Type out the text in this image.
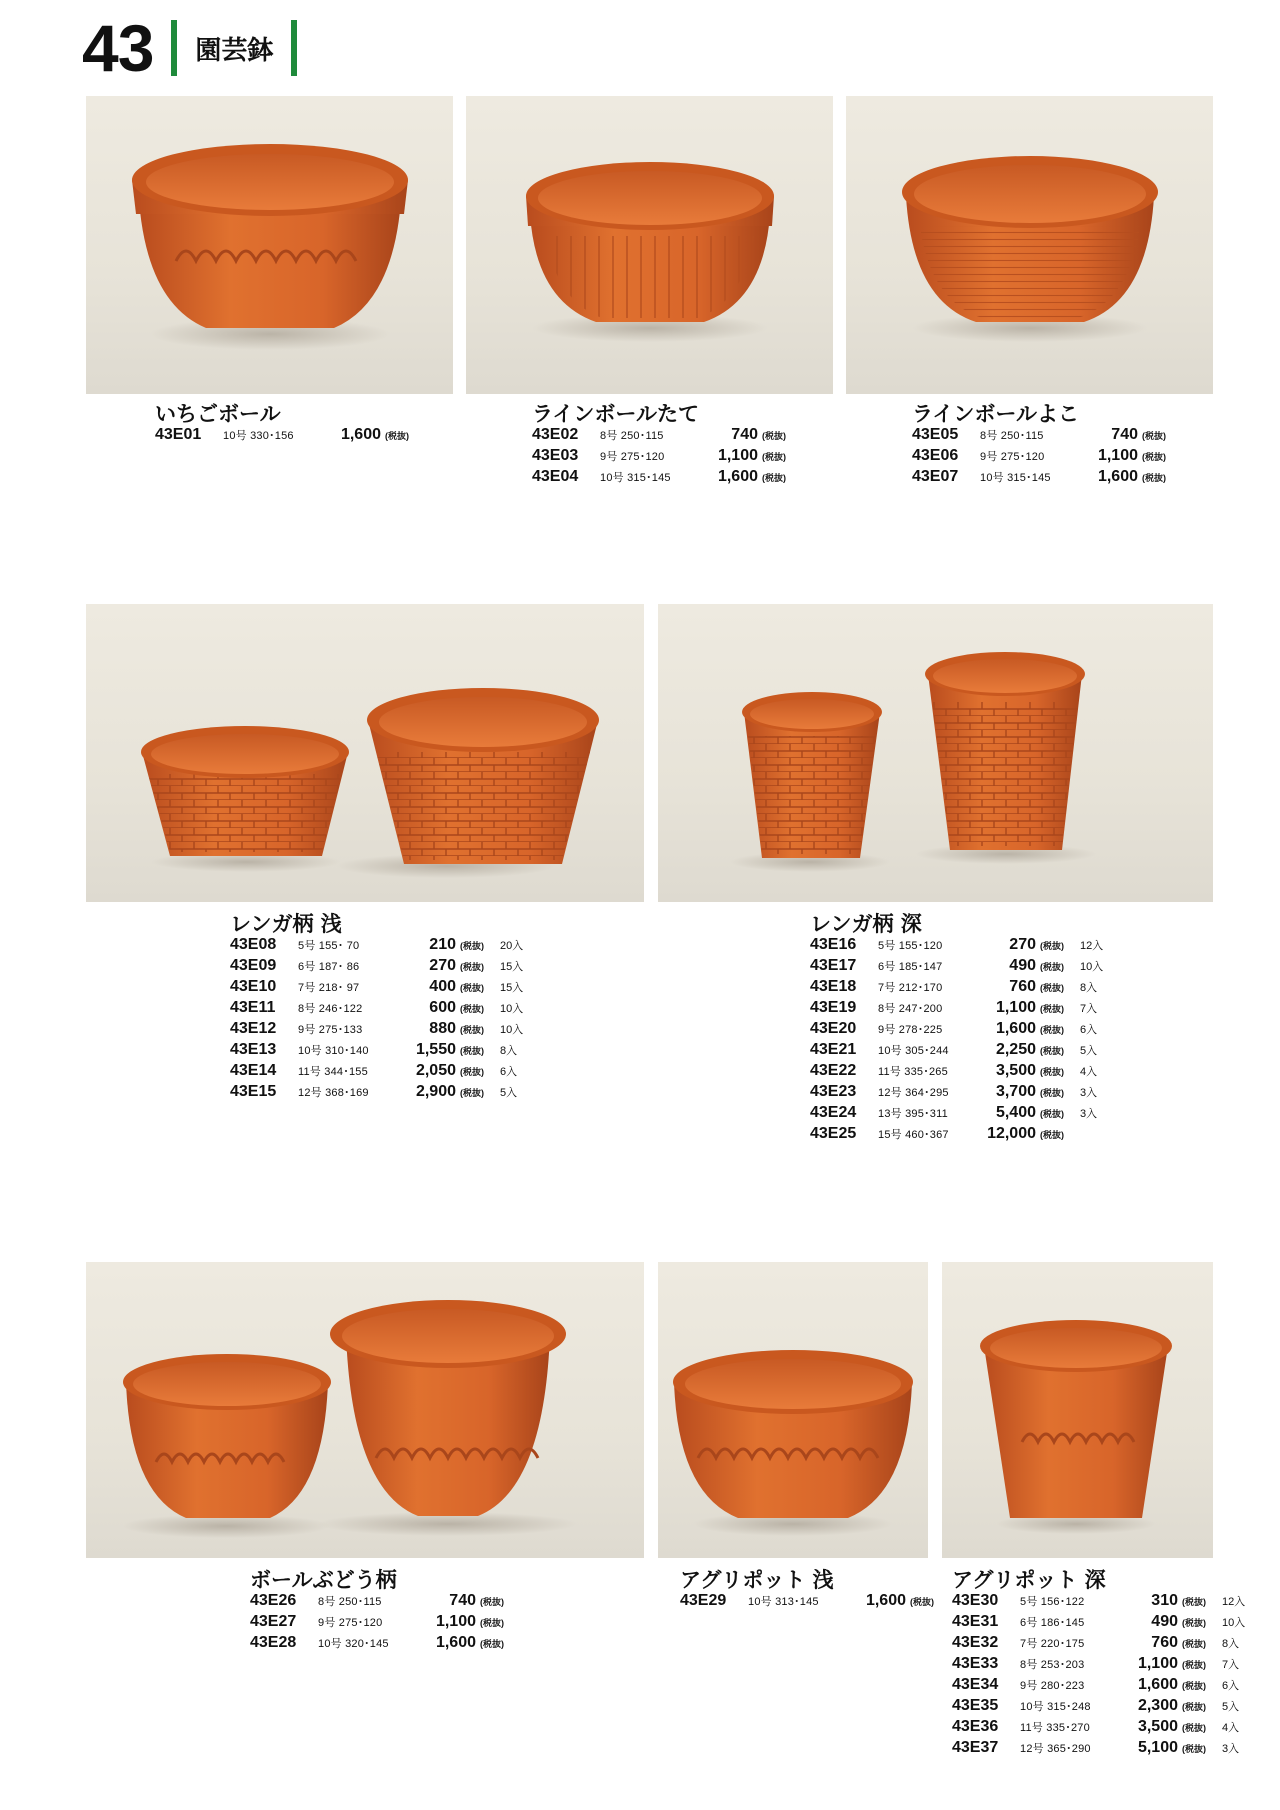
43 園芸鉢
いちごボール
43E01	10号 330･156	1,600 (税抜)
ラインボールたて
43E02	8号 250･115	740 (税抜)
43E03	9号 275･120	1,100 (税抜)
43E04	10号 315･145	1,600 (税抜)
ラインボールよこ
43E05	8号 250･115	740 (税抜)
43E06	9号 275･120	1,100 (税抜)
43E07	10号 315･145	1,600 (税抜)
レンガ柄 浅
43E08	5号 155･ 70	210 (税抜)	20入
43E09	6号 187･ 86	270 (税抜)	15入
43E10	7号 218･ 97	400 (税抜)	15入
43E11	8号 246･122	600 (税抜)	10入
43E12	9号 275･133	880 (税抜)	10入
43E13	10号 310･140	1,550 (税抜)	8入
43E14	11号 344･155	2,050 (税抜)	6入
43E15	12号 368･169	2,900 (税抜)	5入
レンガ柄 深
43E16	5号 155･120	270 (税抜)	12入
43E17	6号 185･147	490 (税抜)	10入
43E18	7号 212･170	760 (税抜)	8入
43E19	8号 247･200	1,100 (税抜)	7入
43E20	9号 278･225	1,600 (税抜)	6入
43E21	10号 305･244	2,250 (税抜)	5入
43E22	11号 335･265	3,500 (税抜)	4入
43E23	12号 364･295	3,700 (税抜)	3入
43E24	13号 395･311	5,400 (税抜)	3入
43E25	15号 460･367	12,000 (税抜)
ボールぶどう柄
43E26	8号 250･115	740 (税抜)
43E27	9号 275･120	1,100 (税抜)
43E28	10号 320･145	1,600 (税抜)
アグリポット 浅
43E29	10号 313･145	1,600 (税抜)
アグリポット 深
43E30	5号 156･122	310 (税抜)	12入
43E31	6号 186･145	490 (税抜)	10入
43E32	7号 220･175	760 (税抜)	8入
43E33	8号 253･203	1,100 (税抜)	7入
43E34	9号 280･223	1,600 (税抜)	6入
43E35	10号 315･248	2,300 (税抜)	5入
43E36	11号 335･270	3,500 (税抜)	4入
43E37	12号 365･290	5,100 (税抜)	3入
